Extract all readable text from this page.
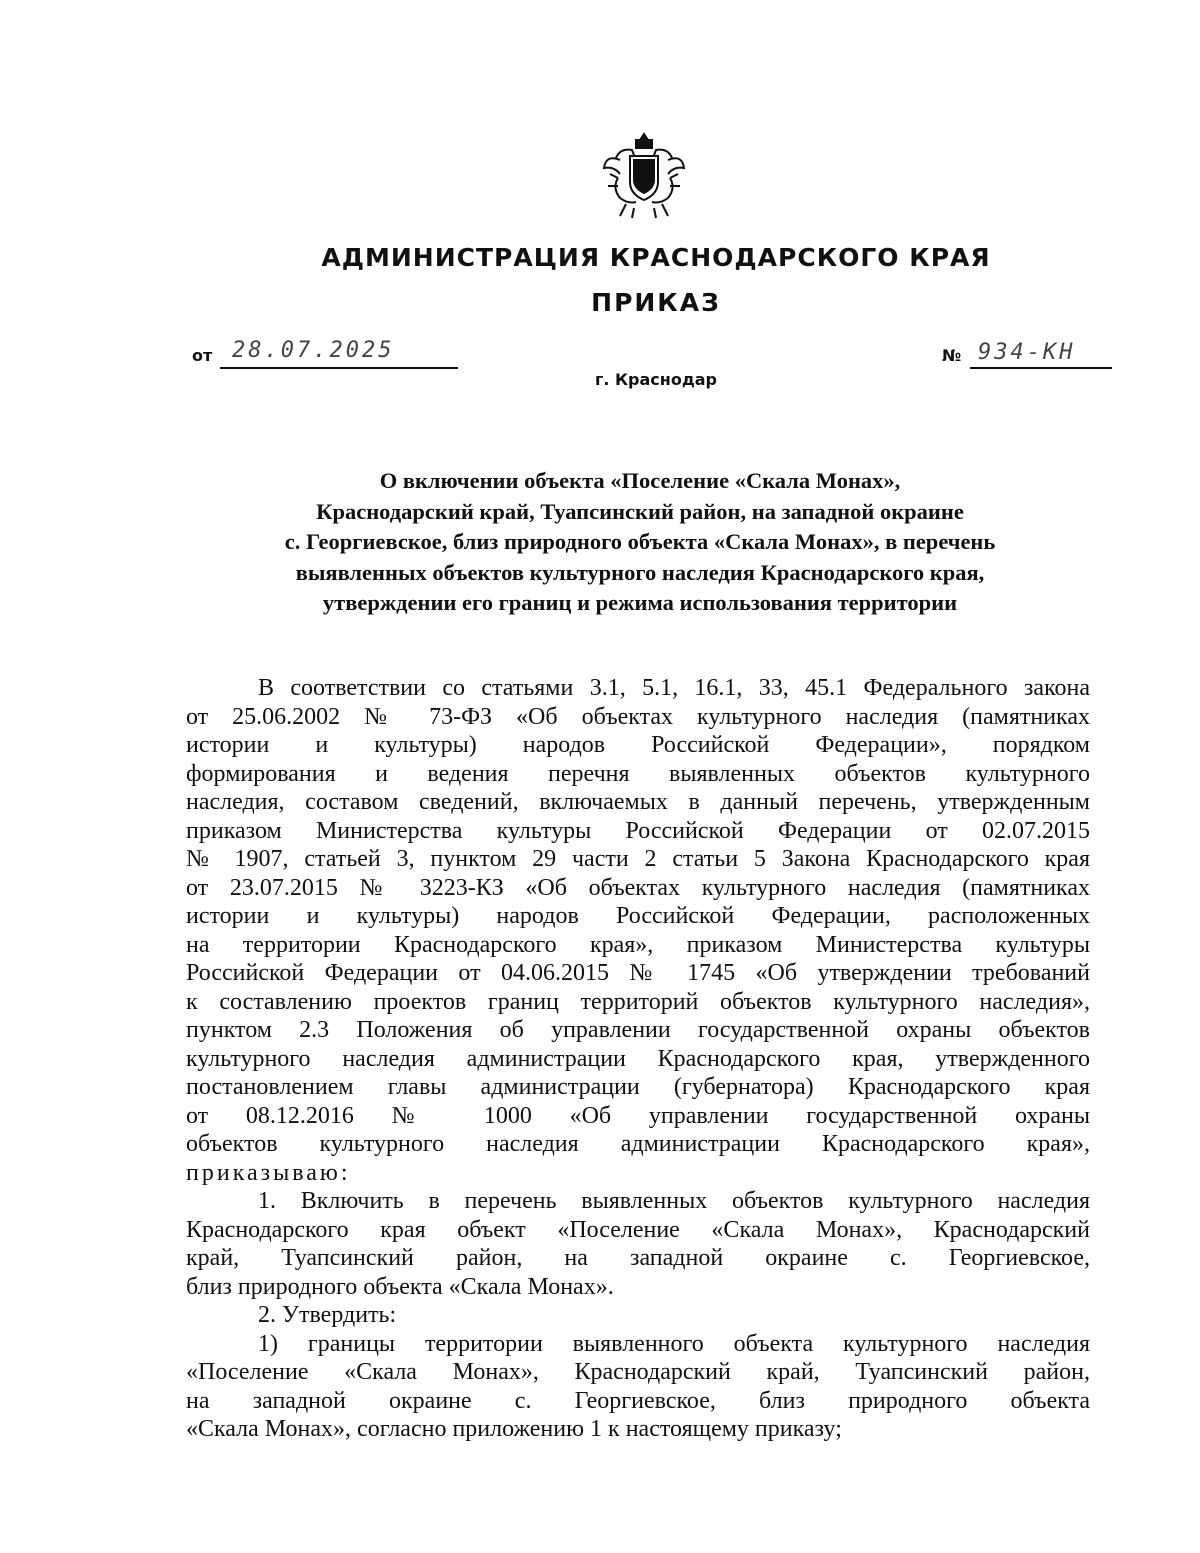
АДМИНИСТРАЦИЯ КРАСНОДАРСКОГО КРАЯ
ПРИКАЗ
от 28.07.2025	№ 934-КН
г. Краснодар
О включении объекта «Поселение «Скала Монах»,
Краснодарский край, Туапсинский район, на западной окраине
с. Георгиевское, близ природного объекта «Скала Монах», в перечень
выявленных объектов культурного наследия Краснодарского края,
утверждении его границ и режима использования территории
В соответствии со статьями 3.1, 5.1, 16.1, 33, 45.1 Федерального закона
от 25.06.2002 № 73-ФЗ «Об объектах культурного наследия (памятниках
истории и культуры) народов Российской Федерации», порядком
формирования и ведения перечня выявленных объектов культурного
наследия, составом сведений, включаемых в данный перечень, утвержденным
приказом Министерства культуры Российской Федерации от 02.07.2015
№ 1907, статьей 3, пунктом 29 части 2 статьи 5 Закона Краснодарского края
от 23.07.2015 № 3223-КЗ «Об объектах культурного наследия (памятниках
истории и культуры) народов Российской Федерации, расположенных
на территории Краснодарского края», приказом Министерства культуры
Российской Федерации от 04.06.2015 № 1745 «Об утверждении требований
к составлению проектов границ территорий объектов культурного наследия»,
пунктом 2.3 Положения об управлении государственной охраны объектов
культурного наследия администрации Краснодарского края, утвержденного
постановлением главы администрации (губернатора) Краснодарского края
от 08.12.2016 № 1000 «Об управлении государственной охраны
объектов культурного наследия администрации Краснодарского края»,
приказываю:
1. Включить в перечень выявленных объектов культурного наследия
Краснодарского края объект «Поселение «Скала Монах», Краснодарский
край, Туапсинский район, на западной окраине с. Георгиевское,
близ природного объекта «Скала Монах».
2. Утвердить:
1) границы территории выявленного объекта культурного наследия
«Поселение «Скала Монах», Краснодарский край, Туапсинский район,
на западной окраине с. Георгиевское, близ природного объекта
«Скала Монах», согласно приложению 1 к настоящему приказу;
